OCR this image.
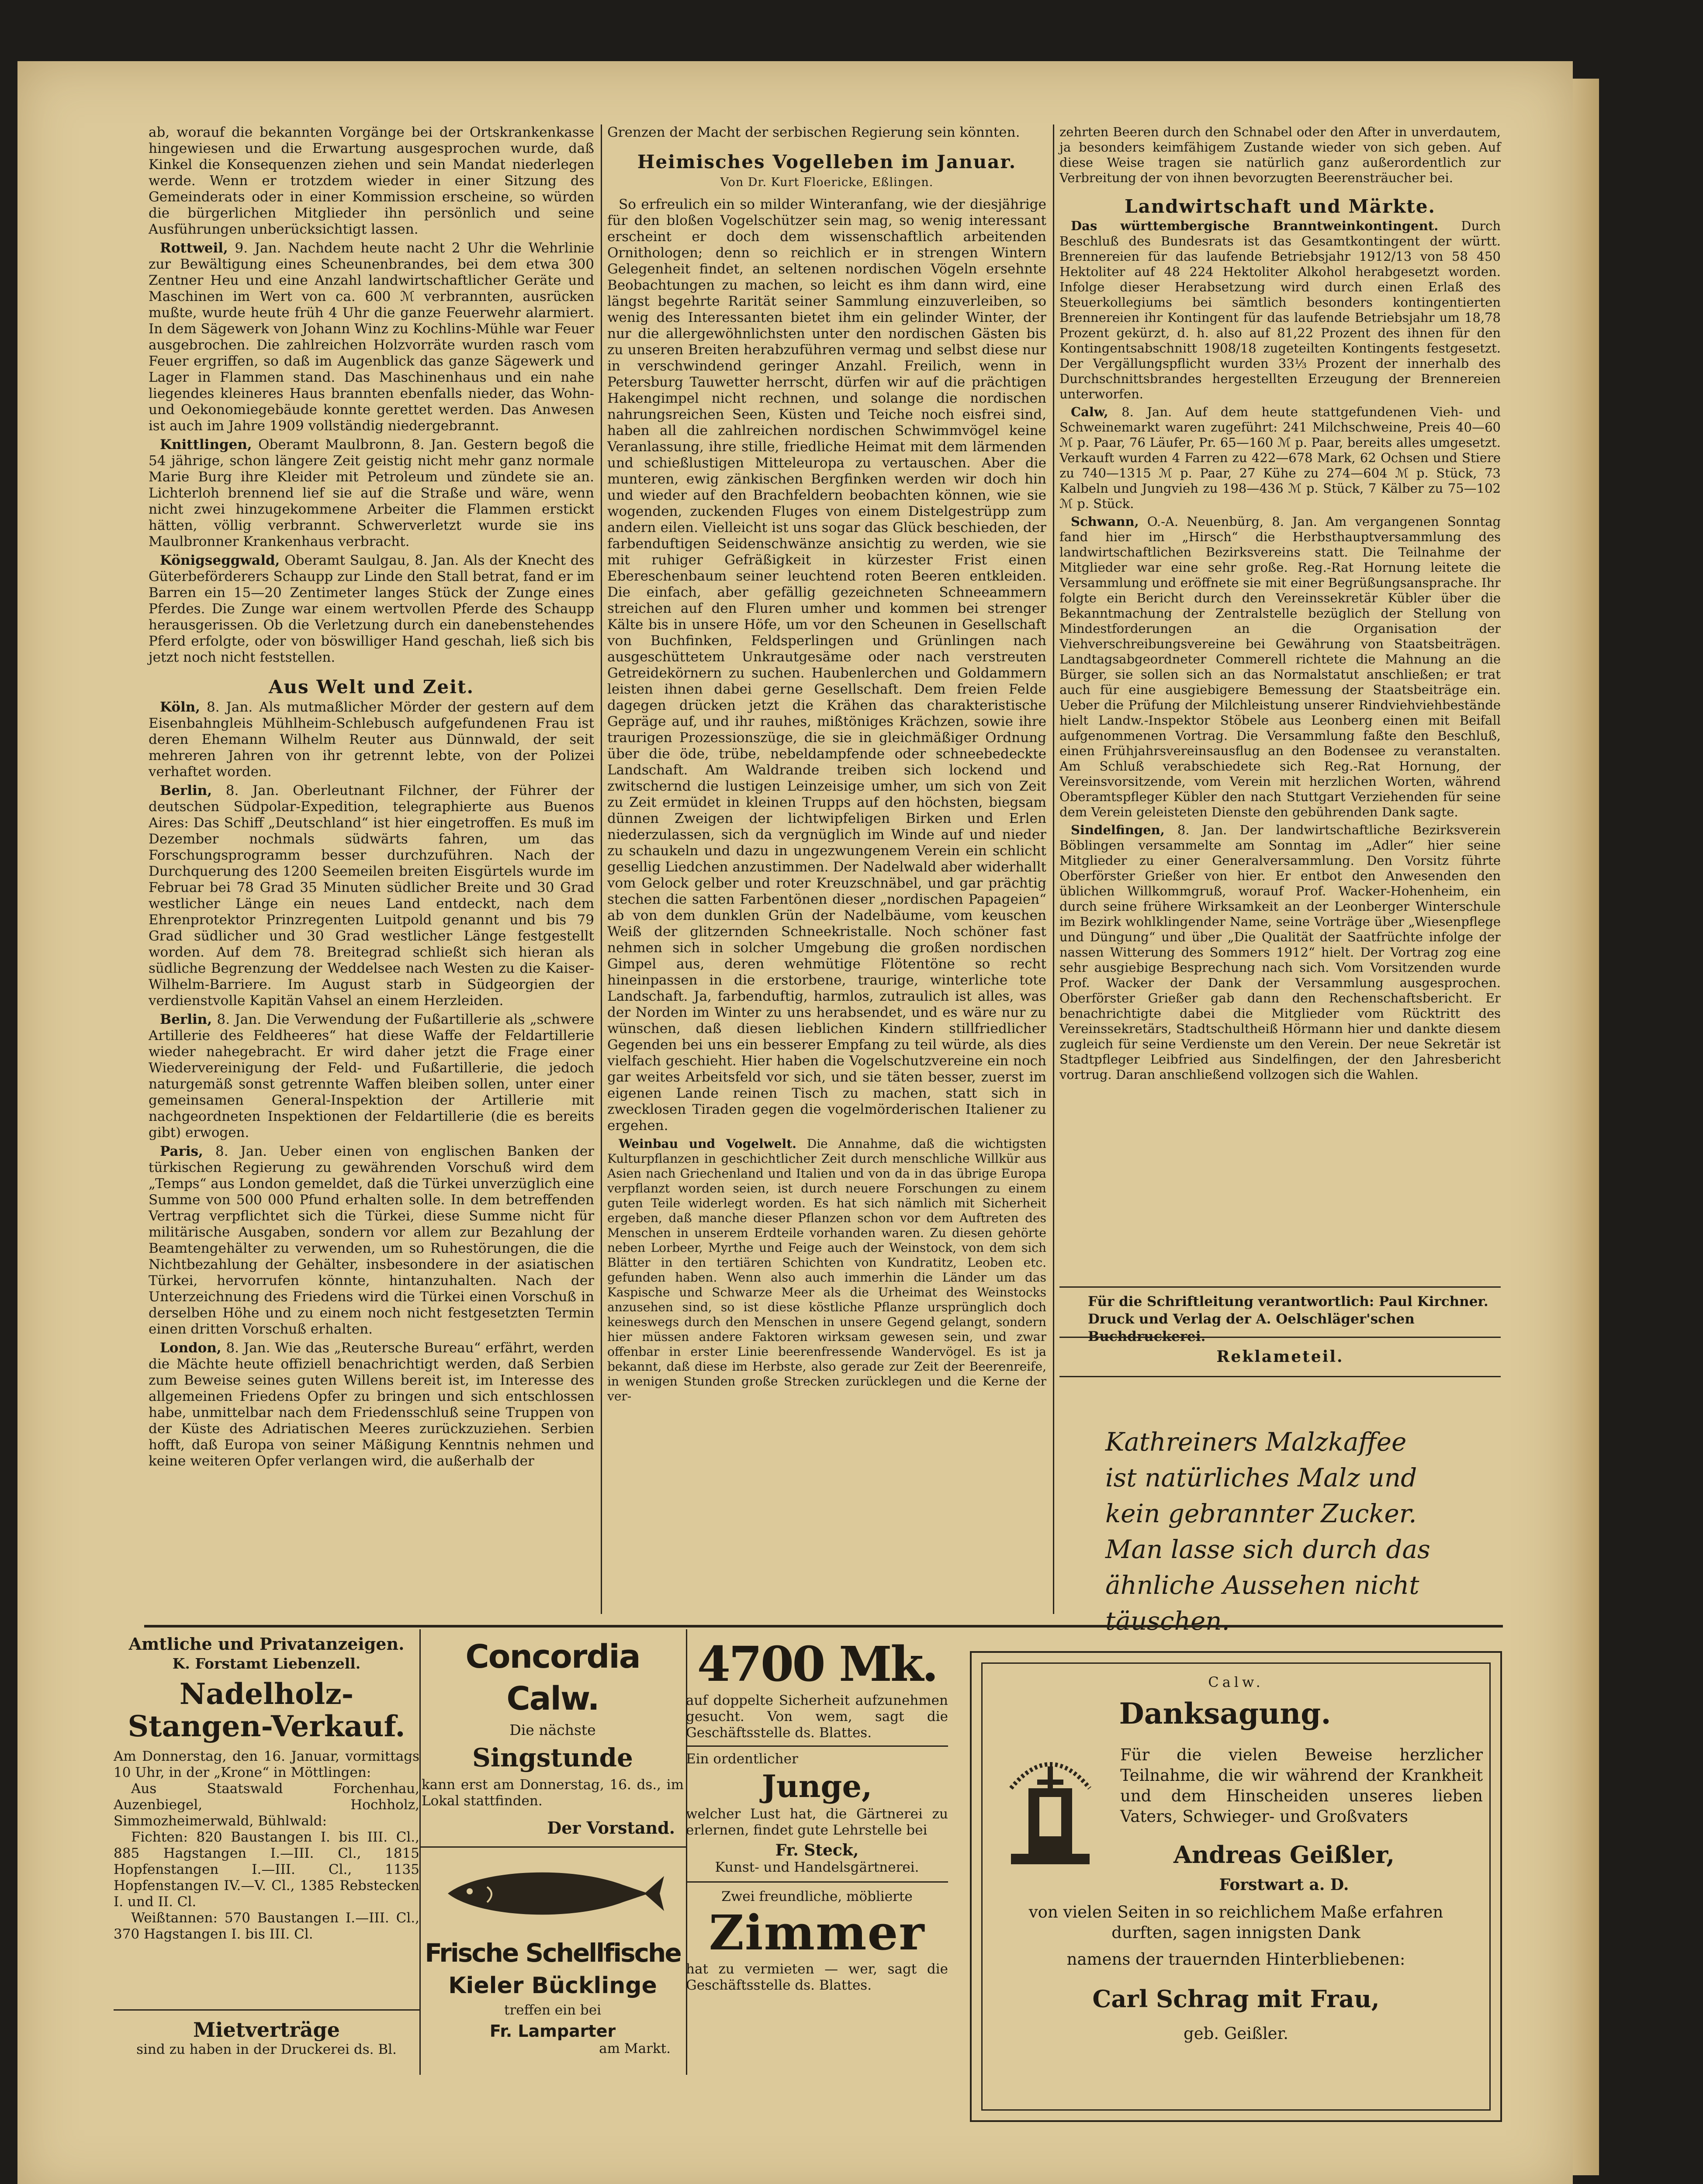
ab, worauf die bekannten Vorgänge bei der Ortskrankenkasse hingewiesen und die Erwartung ausgesprochen wurde, daß Kinkel die Konsequenzen ziehen und sein Mandat niederlegen werde. Wenn er trotzdem wieder in einer Sitzung des Gemeinderats oder in einer Kommission erscheine, so würden die bürgerlichen Mitglieder ihn persönlich und seine Ausführungen unberücksichtigt lassen.

Rottweil, 9. Jan. Nachdem heute nacht 2 Uhr die Wehrlinie zur Bewältigung eines Scheunenbrandes, bei dem etwa 300 Zentner Heu und eine Anzahl landwirtschaftlicher Geräte und Maschinen im Wert von ca. 600 ℳ verbrannten, ausrücken mußte, wurde heute früh 4 Uhr die ganze Feuerwehr alarmiert. In dem Sägewerk von Johann Winz zu Kochlins-Mühle war Feuer ausgebrochen. Die zahlreichen Holzvorräte wurden rasch vom Feuer ergriffen, so daß im Augenblick das ganze Sägewerk und Lager in Flammen stand. Das Maschinenhaus und ein nahe liegendes kleineres Haus brannten ebenfalls nieder, das Wohn- und Oekonomiegebäude konnte gerettet werden. Das Anwesen ist auch im Jahre 1909 vollständig niedergebrannt.

Knittlingen, Oberamt Maulbronn, 8. Jan. Gestern begoß die 54 jährige, schon längere Zeit geistig nicht mehr ganz normale Marie Burg ihre Kleider mit Petroleum und zündete sie an. Lichterloh brennend lief sie auf die Straße und wäre, wenn nicht zwei hinzugekommene Arbeiter die Flammen erstickt hätten, völlig verbrannt. Schwerverletzt wurde sie ins Maulbronner Krankenhaus verbracht.

Königseggwald, Oberamt Saulgau, 8. Jan. Als der Knecht des Güterbeförderers Schaupp zur Linde den Stall betrat, fand er im Barren ein 15—20 Zentimeter langes Stück der Zunge eines Pferdes. Die Zunge war einem wertvollen Pferde des Schaupp herausgerissen. Ob die Verletzung durch ein danebenstehendes Pferd erfolgte, oder von böswilliger Hand geschah, ließ sich bis jetzt noch nicht feststellen.

Aus Welt und Zeit.

Köln, 8. Jan. Als mutmaßlicher Mörder der gestern auf dem Eisenbahngleis Mühlheim-Schlebusch aufgefundenen Frau ist deren Ehemann Wilhelm Reuter aus Dünnwald, der seit mehreren Jahren von ihr getrennt lebte, von der Polizei verhaftet worden.

Berlin, 8. Jan. Oberleutnant Filchner, der Führer der deutschen Südpolar-Expedition, telegraphierte aus Buenos Aires: Das Schiff „Deutschland“ ist hier eingetroffen. Es muß im Dezember nochmals südwärts fahren, um das Forschungsprogramm besser durchzuführen. Nach der Durchquerung des 1200 Seemeilen breiten Eisgürtels wurde im Februar bei 78 Grad 35 Minuten südlicher Breite und 30 Grad westlicher Länge ein neues Land entdeckt, nach dem Ehrenprotektor Prinzregenten Luitpold genannt und bis 79 Grad südlicher und 30 Grad westlicher Länge festgestellt worden. Auf dem 78. Breitegrad schließt sich hieran als südliche Begrenzung der Weddelsee nach Westen zu die Kaiser-Wilhelm-Barriere. Im August starb in Südgeorgien der verdienstvolle Kapitän Vahsel an einem Herzleiden.

Berlin, 8. Jan. Die Verwendung der Fußartillerie als „schwere Artillerie des Feldheeres“ hat diese Waffe der Feldartillerie wieder nahegebracht. Er wird daher jetzt die Frage einer Wiedervereinigung der Feld- und Fußartillerie, die jedoch naturgemäß sonst getrennte Waffen bleiben sollen, unter einer gemeinsamen General-Inspektion der Artillerie mit nachgeordneten Inspektionen der Feldartillerie (die es bereits gibt) erwogen.

Paris, 8. Jan. Ueber einen von englischen Banken der türkischen Regierung zu gewährenden Vorschuß wird dem „Temps“ aus London gemeldet, daß die Türkei unverzüglich eine Summe von 500 000 Pfund erhalten solle. In dem betreffenden Vertrag verpflichtet sich die Türkei, diese Summe nicht für militärische Ausgaben, sondern vor allem zur Bezahlung der Beamtengehälter zu verwenden, um so Ruhestörungen, die die Nichtbezahlung der Gehälter, insbesondere in der asiatischen Türkei, hervorrufen könnte, hintanzuhalten. Nach der Unterzeichnung des Friedens wird die Türkei einen Vorschuß in derselben Höhe und zu einem noch nicht festgesetzten Termin einen dritten Vorschuß erhalten.

London, 8. Jan. Wie das „Reutersche Bureau“ erfährt, werden die Mächte heute offiziell benachrichtigt werden, daß Serbien zum Beweise seines guten Willens bereit ist, im Interesse des allgemeinen Friedens Opfer zu bringen und sich entschlossen habe, unmittelbar nach dem Friedensschluß seine Truppen von der Küste des Adriatischen Meeres zurückzuziehen. Serbien hofft, daß Europa von seiner Mäßigung Kenntnis nehmen und keine weiteren Opfer verlangen wird, die außerhalb der

Grenzen der Macht der serbischen Regierung sein könnten.

Heimisches Vogelleben im Januar.
Von Dr. Kurt Floericke, Eßlingen.

So erfreulich ein so milder Winteranfang, wie der diesjährige für den bloßen Vogelschützer sein mag, so wenig interessant erscheint er doch dem wissenschaftlich arbeitenden Ornithologen; denn so reichlich er in strengen Wintern Gelegenheit findet, an seltenen nordischen Vögeln ersehnte Beobachtungen zu machen, so leicht es ihm dann wird, eine längst begehrte Rarität seiner Sammlung einzuverleiben, so wenig des Interessanten bietet ihm ein gelinder Winter, der nur die allergewöhnlichsten unter den nordischen Gästen bis zu unseren Breiten herabzuführen vermag und selbst diese nur in verschwindend geringer Anzahl. Freilich, wenn in Petersburg Tauwetter herrscht, dürfen wir auf die prächtigen Hakengimpel nicht rechnen, und solange die nordischen nahrungsreichen Seen, Küsten und Teiche noch eisfrei sind, haben all die zahlreichen nordischen Schwimmvögel keine Veranlassung, ihre stille, friedliche Heimat mit dem lärmenden und schießlustigen Mitteleuropa zu vertauschen. Aber die munteren, ewig zänkischen Bergfinken werden wir doch hin und wieder auf den Brachfeldern beobachten können, wie sie wogenden, zuckenden Fluges von einem Distelgestrüpp zum andern eilen. Vielleicht ist uns sogar das Glück beschieden, der farbenduftigen Seidenschwänze ansichtig zu werden, wie sie mit ruhiger Gefräßigkeit in kürzester Frist einen Ebereschenbaum seiner leuchtend roten Beeren entkleiden. Die einfach, aber gefällig gezeichneten Schneeammern streichen auf den Fluren umher und kommen bei strenger Kälte bis in unsere Höfe, um vor den Scheunen in Gesellschaft von Buchfinken, Feldsperlingen und Grünlingen nach ausgeschüttetem Unkrautgesäme oder nach verstreuten Getreidekörnern zu suchen. Haubenlerchen und Goldammern leisten ihnen dabei gerne Gesellschaft. Dem freien Felde dagegen drücken jetzt die Krähen das charakteristische Gepräge auf, und ihr rauhes, mißtöniges Krächzen, sowie ihre traurigen Prozessionszüge, die sie in gleichmäßiger Ordnung über die öde, trübe, nebeldampfende oder schneebedeckte Landschaft. Am Waldrande treiben sich lockend und zwitschernd die lustigen Leinzeisige umher, um sich von Zeit zu Zeit ermüdet in kleinen Trupps auf den höchsten, biegsam dünnen Zweigen der lichtwipfeligen Birken und Erlen niederzulassen, sich da vergnüglich im Winde auf und nieder zu schaukeln und dazu in ungezwungenem Verein ein schlicht gesellig Liedchen anzustimmen. Der Nadelwald aber widerhallt vom Gelock gelber und roter Kreuzschnäbel, und gar prächtig stechen die satten Farbentönen dieser „nordischen Papageien“ ab von dem dunklen Grün der Nadelbäume, vom keuschen Weiß der glitzernden Schneekristalle. Noch schöner fast nehmen sich in solcher Umgebung die großen nordischen Gimpel aus, deren wehmütige Flötentöne so recht hineinpassen in die erstorbene, traurige, winterliche tote Landschaft. Ja, farbenduftig, harmlos, zutraulich ist alles, was der Norden im Winter zu uns herabsendet, und es wäre nur zu wünschen, daß diesen lieblichen Kindern stillfriedlicher Gegenden bei uns ein besserer Empfang zu teil würde, als dies vielfach geschieht. Hier haben die Vogelschutzvereine ein noch gar weites Arbeitsfeld vor sich, und sie täten besser, zuerst im eigenen Lande reinen Tisch zu machen, statt sich in zwecklosen Tiraden gegen die vogelmörderischen Italiener zu ergehen.

Weinbau und Vogelwelt. Die Annahme, daß die wichtigsten Kulturpflanzen in geschichtlicher Zeit durch menschliche Willkür aus Asien nach Griechenland und Italien und von da in das übrige Europa verpflanzt worden seien, ist durch neuere Forschungen zu einem guten Teile widerlegt worden. Es hat sich nämlich mit Sicherheit ergeben, daß manche dieser Pflanzen schon vor dem Auftreten des Menschen in unserem Erdteile vorhanden waren. Zu diesen gehörte neben Lorbeer, Myrthe und Feige auch der Weinstock, von dem sich Blätter in den tertiären Schichten von Kundratitz, Leoben etc. gefunden haben. Wenn also auch immerhin die Länder um das Kaspische und Schwarze Meer als die Urheimat des Weinstocks anzusehen sind, so ist diese köstliche Pflanze ursprünglich doch keineswegs durch den Menschen in unsere Gegend gelangt, sondern hier müssen andere Faktoren wirksam gewesen sein, und zwar offenbar in erster Linie beerenfressende Wandervögel. Es ist ja bekannt, daß diese im Herbste, also gerade zur Zeit der Beerenreife, in wenigen Stunden große Strecken zurücklegen und die Kerne der ver-

zehrten Beeren durch den Schnabel oder den After in unverdautem, ja besonders keimfähigem Zustande wieder von sich geben. Auf diese Weise tragen sie natürlich ganz außerordentlich zur Verbreitung der von ihnen bevorzugten Beerensträucher bei.

Landwirtschaft und Märkte.

Das württembergische Branntweinkontingent. Durch Beschluß des Bundesrats ist das Gesamtkontingent der württ. Brennereien für das laufende Betriebsjahr 1912/13 von 58 450 Hektoliter auf 48 224 Hektoliter Alkohol herabgesetzt worden. Infolge dieser Herabsetzung wird durch einen Erlaß des Steuerkollegiums bei sämtlich besonders kontingentierten Brennereien ihr Kontingent für das laufende Betriebsjahr um 18,78 Prozent gekürzt, d. h. also auf 81,22 Prozent des ihnen für den Kontingentsabschnitt 1908/18 zugeteilten Kontingents festgesetzt. Der Vergällungspflicht wurden 33⅓ Prozent der innerhalb des Durchschnittsbrandes hergestellten Erzeugung der Brennereien unterworfen.

Calw, 8. Jan. Auf dem heute stattgefundenen Vieh- und Schweinemarkt waren zugeführt: 241 Milchschweine, Preis 40—60 ℳ p. Paar, 76 Läufer, Pr. 65—160 ℳ p. Paar, bereits alles umgesetzt. Verkauft wurden 4 Farren zu 422—678 Mark, 62 Ochsen und Stiere zu 740—1315 ℳ p. Paar, 27 Kühe zu 274—604 ℳ p. Stück, 73 Kalbeln und Jungvieh zu 198—436 ℳ p. Stück, 7 Kälber zu 75—102 ℳ p. Stück.

Schwann, O.-A. Neuenbürg, 8. Jan. Am vergangenen Sonntag fand hier im „Hirsch“ die Herbsthauptversammlung des landwirtschaftlichen Bezirksvereins statt. Die Teilnahme der Mitglieder war eine sehr große. Reg.-Rat Hornung leitete die Versammlung und eröffnete sie mit einer Begrüßungsansprache. Ihr folgte ein Bericht durch den Vereinssekretär Kübler über die Bekanntmachung der Zentralstelle bezüglich der Stellung von Mindestforderungen an die Organisation der Viehverschreibungsvereine bei Gewährung von Staatsbeiträgen. Landtagsabgeordneter Commerell richtete die Mahnung an die Bürger, sie sollen sich an das Normalstatut anschließen; er trat auch für eine ausgiebigere Bemessung der Staatsbeiträge ein. Ueber die Prüfung der Milchleistung unserer Rindviehviehbestände hielt Landw.-Inspektor Stöbele aus Leonberg einen mit Beifall aufgenommenen Vortrag. Die Versammlung faßte den Beschluß, einen Frühjahrsvereinsausflug an den Bodensee zu veranstalten. Am Schluß verabschiedete sich Reg.-Rat Hornung, der Vereinsvorsitzende, vom Verein mit herzlichen Worten, während Oberamtspfleger Kübler den nach Stuttgart Verziehenden für seine dem Verein geleisteten Dienste den gebührenden Dank sagte.

Sindelfingen, 8. Jan. Der landwirtschaftliche Bezirksverein Böblingen versammelte am Sonntag im „Adler“ hier seine Mitglieder zu einer Generalversammlung. Den Vorsitz führte Oberförster Grießer von hier. Er entbot den Anwesenden den üblichen Willkommgruß, worauf Prof. Wacker-Hohenheim, ein durch seine frühere Wirksamkeit an der Leonberger Winterschule im Bezirk wohlklingender Name, seine Vorträge über „Wiesenpflege und Düngung“ und über „Die Qualität der Saatfrüchte infolge der nassen Witterung des Sommers 1912“ hielt. Der Vortrag zog eine sehr ausgiebige Besprechung nach sich. Vom Vorsitzenden wurde Prof. Wacker der Dank der Versammlung ausgesprochen. Oberförster Grießer gab dann den Rechenschaftsbericht. Er benachrichtigte dabei die Mitglieder vom Rücktritt des Vereinssekretärs, Stadtschultheiß Hörmann hier und dankte diesem zugleich für seine Verdienste um den Verein. Der neue Sekretär ist Stadtpfleger Leibfried aus Sindelfingen, der den Jahresbericht vortrug. Daran anschließend vollzogen sich die Wahlen.

Für die Schriftleitung verantwortlich: Paul Kirchner.
Druck und Verlag der A. Oelschläger'schen Buchdruckerei.
Reklameteil.
Kathreiners Malzkaffee
ist natürliches Malz und
kein gebrannter Zucker.
Man lasse sich durch das
ähnliche Aussehen nicht
täuschen.
Amtliche und Privatanzeigen.
K. Forstamt Liebenzell.
Nadelholz-Stangen-Verkauf.

Am Donnerstag, den 16. Januar, vormittags 10 Uhr, in der „Krone“ in Möttlingen:

Aus Staatswald Forchenhau, Auzenbiegel, Hochholz, Simmozheimerwald, Bühlwald:

Fichten: 820 Baustangen I. bis III. Cl., 885 Hagstangen I.—III. Cl., 1815 Hopfenstangen I.—III. Cl., 1135 Hopfenstangen IV.—V. Cl., 1385 Rebstecken I. und II. Cl.

Weißtannen: 570 Baustangen I.—III. Cl., 370 Hagstangen I. bis III. Cl.

Mietverträge
sind zu haben in der Druckerei ds. Bl.
Concordia Calw.
Die nächste
Singstunde
kann erst am Donnerstag, 16. ds., im Lokal stattfinden.
Der Vorstand.
Frische Schellfische
Kieler Bücklinge
treffen ein bei
Fr. Lamparter
am Markt.
4700 Mk.
auf doppelte Sicherheit aufzunehmen gesucht. Von wem, sagt die Geschäftsstelle ds. Blattes.
Ein ordentlicher
Junge,
welcher Lust hat, die Gärtnerei zu erlernen, findet gute Lehrstelle bei
Fr. Steck,
Kunst- und Handelsgärtnerei.
Zwei freundliche, möblierte
Zimmer
hat zu vermieten — wer, sagt die Geschäftsstelle ds. Blattes.
Calw.
Danksagung.
Für die vielen Beweise herzlicher Teilnahme, die wir während der Krankheit und dem Hinscheiden unseres lieben Vaters, Schwieger- und Großvaters
Andreas Geißler,
Forstwart a. D.
von vielen Seiten in so reichlichem Maße erfahren durften, sagen innigsten Dank
namens der trauernden Hinterbliebenen:
Carl Schrag mit Frau,
geb. Geißler.
